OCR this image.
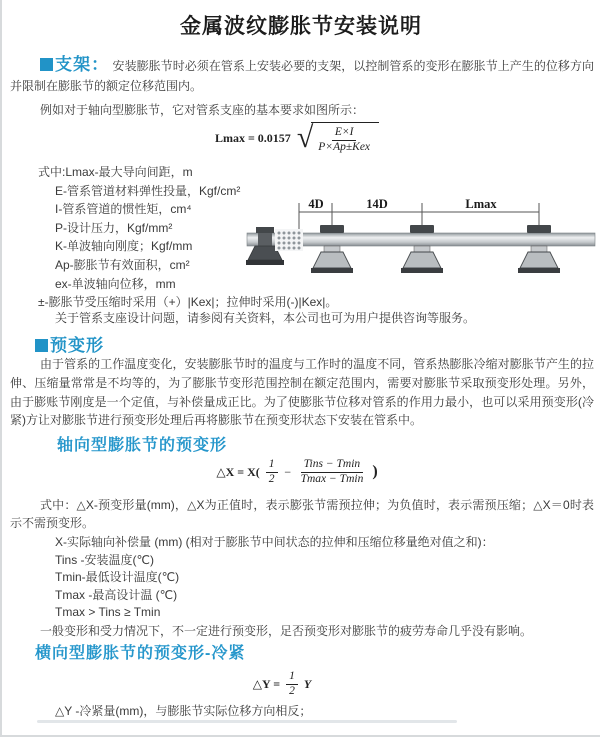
金属波纹膨胀节安装说明

支架： 安装膨胀节时必须在管系上安装必要的支架，以控制管系的变形在膨胀节上产生的位移方向并限制在膨胀节的额定位移范围内。

例如对于轴向型膨胀节，它对管系支座的基本要求如图所示：

Lmax = 0.0157 √ $\frac{E\times I}{\text{P×Ap±Kex}}$
式中:Lmax-最大导向间距，m
E-管系管道材料弹性投量，Kgf/cm²
I-管系管道的惯性矩，cm⁴
P-设计压力，Kgf/mm²
K-单波轴向刚度；Kgf/mm
Ap-膨胀节有效面积，cm²
ex-单波轴向位移，mm
±-膨胀节受压缩时采用（+）|Kex|；拉伸时采用(-)|Kex|。
4D	14D	Lmax

关于管系支座设计问题，请参阅有关资料，本公司也可为用户提供咨询等服务。

预变形

由于管系的工作温度变化，安装膨胀节时的温度与工作时的温度不同，管系热膨胀冷缩对膨胀节产生的拉伸、压缩量常常是不均等的，为了膨胀节变形范围控制在额定范围内，需要对膨胀节采取预变形处理。另外，由于膨账节刚度是一个定值，与补偿量成正比。为了使膨胀节位移对管系的作用力最小，也可以采用预变形(冷紧)方让对膨胀节进行预变形处理后再将膨胀节在预变形状态下安装在管系中。

轴向型膨胀节的预变形
△X = $X( \frac{1}{2} - \frac{\text{Tins − Tmin}}{Tmax - Tmin}$ )

式中：△X-预变形量(mm)，△X为正值时，表示膨张节需预拉伸；为负值时，表示需预压缩；△X＝0时表示不需预变形。

X-实际轴向补偿量 (mm) (相对于膨胀节中间状态的拉伸和压缩位移量绝对值之和)：
Tins -安装温度(℃)
Tmin-最低设计温度(℃)
Tmax -最高设计温 (℃)
Tmax > Tins ≥ Tmin

一般变形和受力情况下，不一定进行预变形，足否预变形对膨胀节的疲劳寿命几乎没有影响。

横向型膨胀节的预变形-冷紧
△Y = $\frac{1}{2}$ Y

△Y -冷紧量(mm)，与膨胀节实际位移方向相反；
